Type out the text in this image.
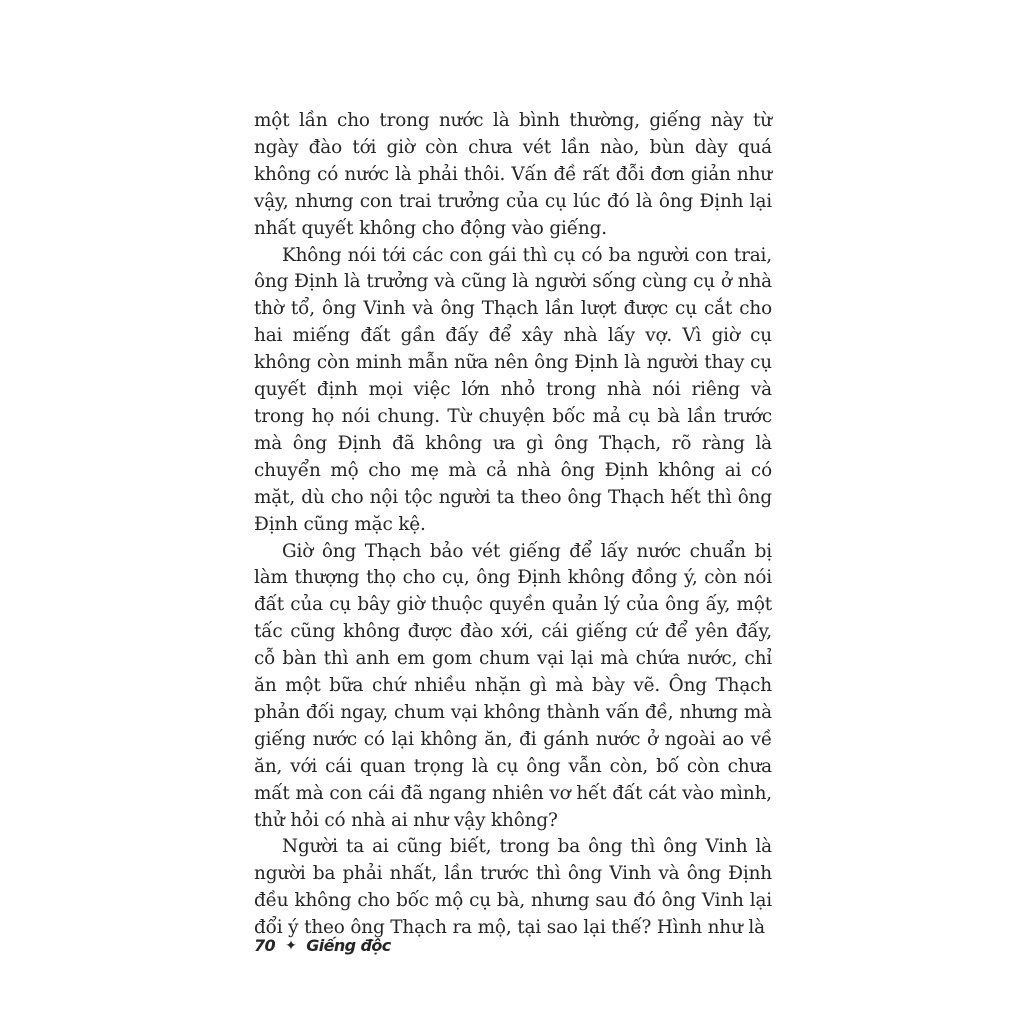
một lần cho trong nước là bình thường, giếng này từ ngày đào tới giờ còn chưa vét lần nào, bùn dày quá không có nước là phải thôi. Vấn đề rất đỗi đơn giản như vậy, nhưng con trai trưởng của cụ lúc đó là ông Định lại nhất quyết không cho động vào giếng.

Không nói tới các con gái thì cụ có ba người con trai, ông Định là trưởng và cũng là người sống cùng cụ ở nhà thờ tổ, ông Vinh và ông Thạch lần lượt được cụ cắt cho hai miếng đất gần đấy để xây nhà lấy vợ. Vì giờ cụ không còn minh mẫn nữa nên ông Định là người thay cụ quyết định mọi việc lớn nhỏ trong nhà nói riêng và trong họ nói chung. Từ chuyện bốc mả cụ bà lần trước mà ông Định đã không ưa gì ông Thạch, rõ ràng là chuyển mộ cho mẹ mà cả nhà ông Định không ai có mặt, dù cho nội tộc người ta theo ông Thạch hết thì ông Định cũng mặc kệ.

Giờ ông Thạch bảo vét giếng để lấy nước chuẩn bị làm thượng thọ cho cụ, ông Định không đồng ý, còn nói đất của cụ bây giờ thuộc quyền quản lý của ông ấy, một tấc cũng không được đào xới, cái giếng cứ để yên đấy, cỗ bàn thì anh em gom chum vại lại mà chứa nước, chỉ ăn một bữa chứ nhiều nhặn gì mà bày vẽ. Ông Thạch phản đối ngay, chum vại không thành vấn đề, nhưng mà giếng nước có lại không ăn, đi gánh nước ở ngoài ao về ăn, với cái quan trọng là cụ ông vẫn còn, bố còn chưa mất mà con cái đã ngang nhiên vơ hết đất cát vào mình, thử hỏi có nhà ai như vậy không?

Người ta ai cũng biết, trong ba ông thì ông Vinh là người ba phải nhất, lần trước thì ông Vinh và ông Định đều không cho bốc mộ cụ bà, nhưng sau đó ông Vinh lại đổi ý theo ông Thạch ra mộ, tại sao lại thế? Hình như là

70 ✦ Giếng độc
